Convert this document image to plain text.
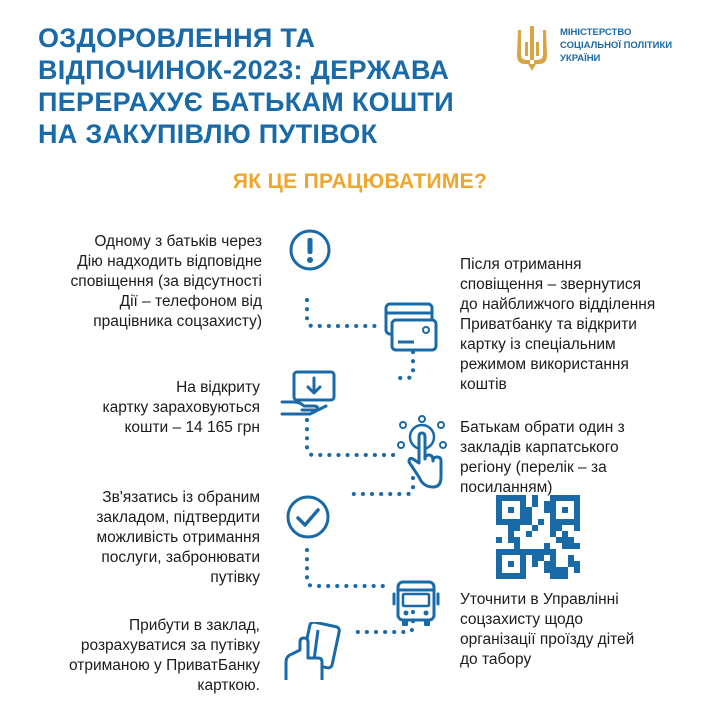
ОЗДОРОВЛЕННЯ ТА
ВІДПОЧИНОК-2023: ДЕРЖАВА
ПЕРЕРАХУЄ БАТЬКАМ КОШТИ
НА ЗАКУПІВЛЮ ПУТІВОК
МІНІСТЕРСТВО
СОЦІАЛЬНОЇ ПОЛІТИКИ
УКРАЇНИ
ЯК ЦЕ ПРАЦЮВАТИМЕ?
Одному з батьків через
Дію надходить відповідне
сповіщення (за відсутності
Дії – телефоном від
працівника соцзахисту)
Після отримання
сповіщення – звернутися
до найближчого відділення
Приватбанку та відкрити
картку із спеціальним
режимом використання
коштів
На відкриту
картку зараховуються
кошти – 14 165 грн	Батькам обрати один з
закладів карпатського
регіону (перелік – за
посиланням)
Зв'язатись із обраним
закладом, підтвердити
можливість отримання
послуги, забронювати
путівку
Уточнити в Управлінні
соцзахисту щодо
організації проїзду дітей
до табору
Прибути в заклад,
розрахуватися за путівку
отриманою у ПриватБанку
карткою.
